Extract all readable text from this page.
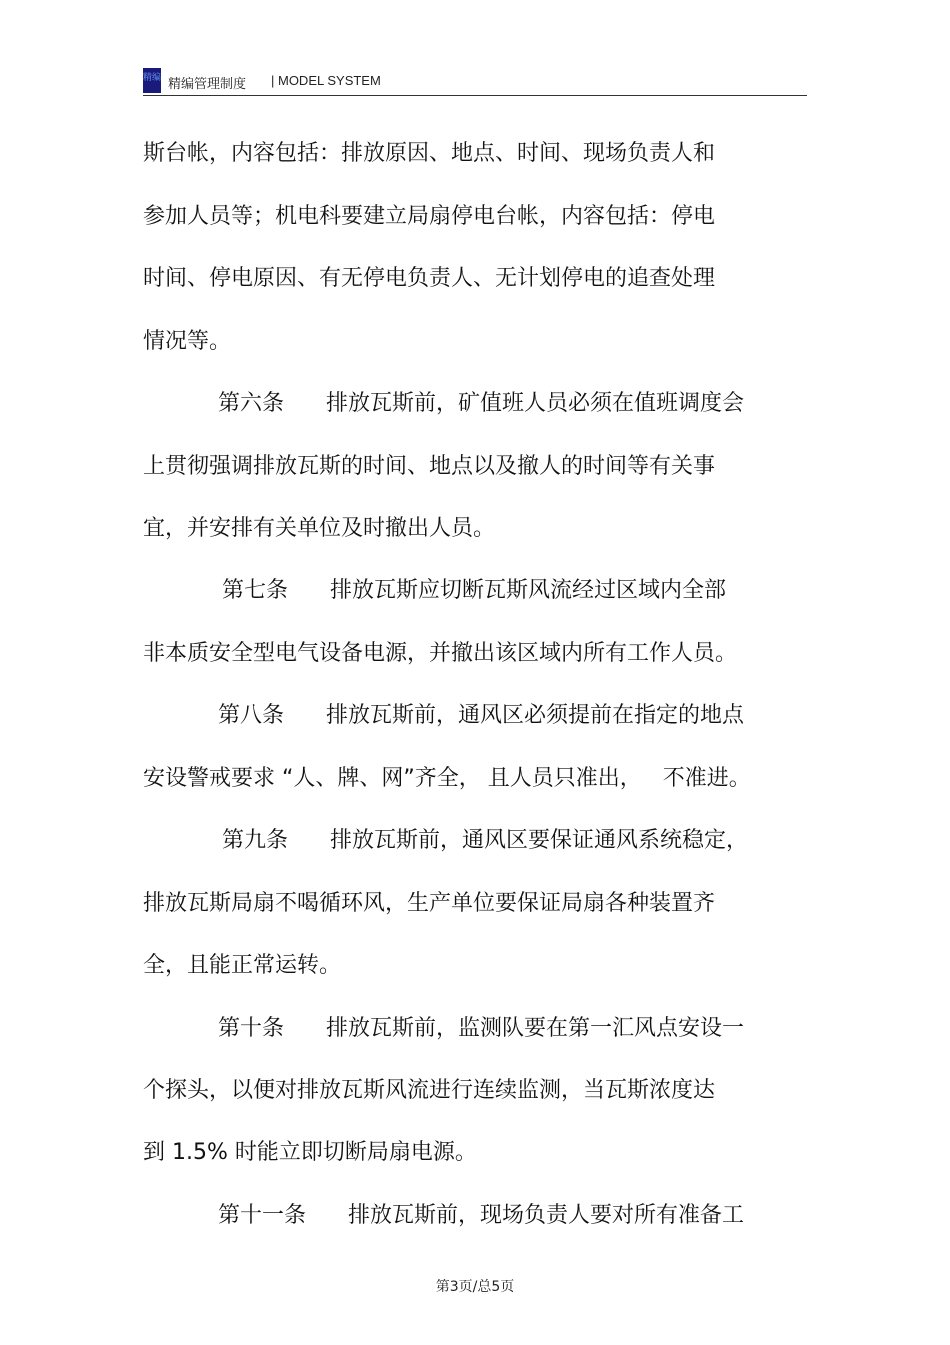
精编 精编管理制度 | MODEL SYSTEM
斯台帐，内容包括：排放原因、地点、时间、现场负责人和
参加人员等；机电科要建立局扇停电台帐，内容包括：停电
时间、停电原因、有无停电负责人、无计划停电的追查处理
情况等。
第六条      排放瓦斯前，矿值班人员必须在值班调度会
上贯彻强调排放瓦斯的时间、地点以及撤人的时间等有关事
宜，并安排有关单位及时撤出人员。
第七条      排放瓦斯应切断瓦斯风流经过区域内全部
非本质安全型电气设备电源，并撤出该区域内所有工作人员。
第八条      排放瓦斯前，通风区必须提前在指定的地点
安设警戒要求 “人、牌、网”齐全， 且人员只准出，   不准进。
第九条      排放瓦斯前，通风区要保证通风系统稳定，
排放瓦斯局扇不喝循环风，生产单位要保证局扇各种装置齐
全，且能正常运转。
第十条      排放瓦斯前，监测队要在第一汇风点安设一
个探头，以便对排放瓦斯风流进行连续监测，当瓦斯浓度达
到 1.5% 时能立即切断局扇电源。
第十一条      排放瓦斯前，现场负责人要对所有准备工
第3页/总5页
